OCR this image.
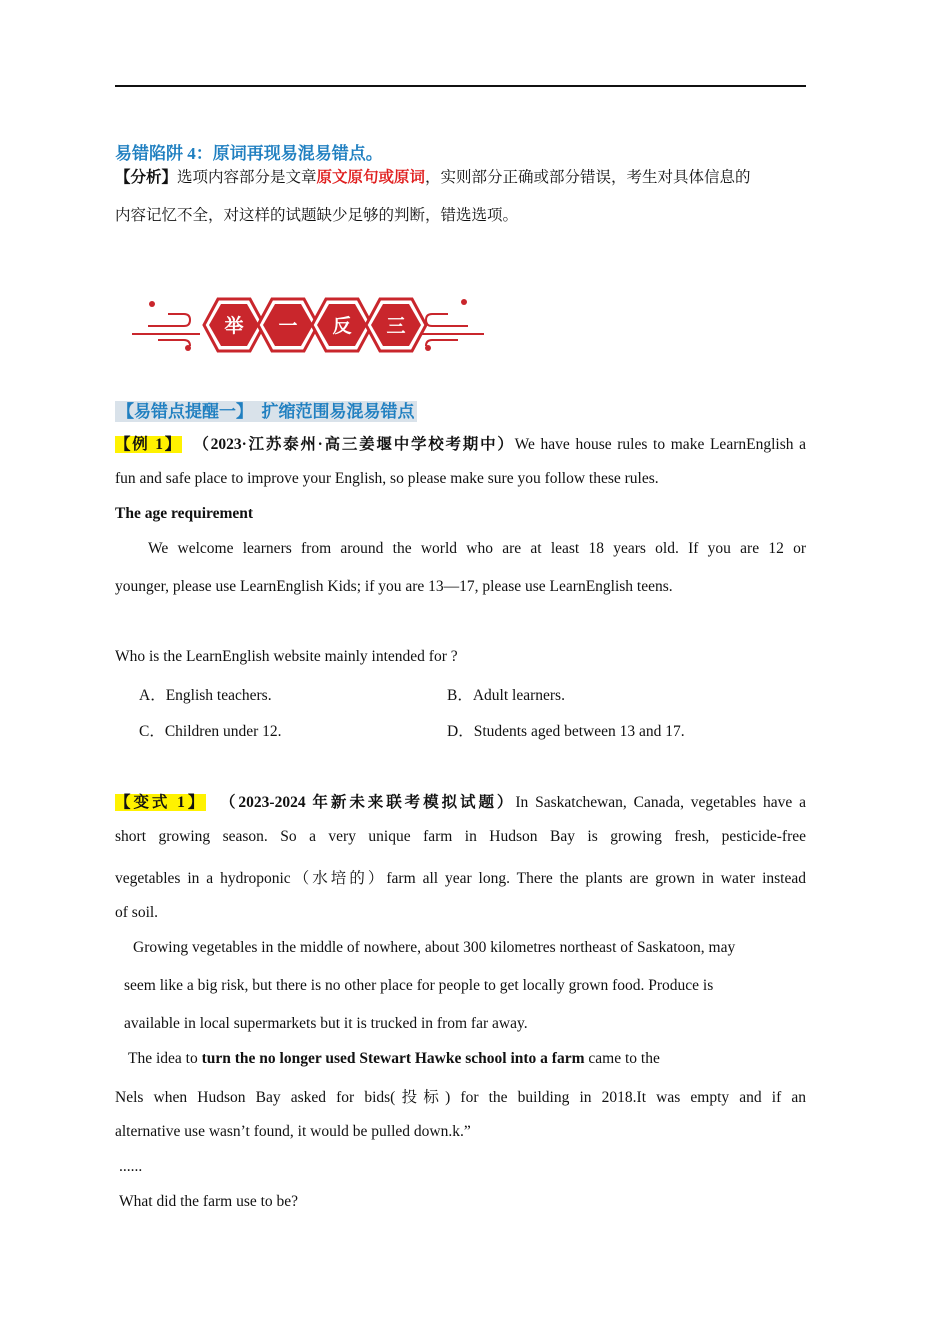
易错陷阱 4：原词再现易混易错点。
【分析】选项内容部分是文章原文原句或原词，实则部分正确或部分错误，考生对具体信息的
内容记忆不全，对这样的试题缺少足够的判断，错选选项。
举 一 反 三
【易错点提醒一】 扩缩范围易混易错点
【例 1】 （2023·江苏泰州·高三姜堰中学校考期中）We have house rules to make LearnEnglish a
fun and safe place to improve your English, so please make sure you follow these rules.
The age requirement
We welcome learners from around the world who are at least 18 years old. If you are 12 or
younger, please use LearnEnglish Kids; if you are 13—17, please use LearnEnglish teens.
Who is the LearnEnglish website mainly intended for ?
A．English teachers.	B．Adult learners.
C．Children under 12.	D．Students aged between 13 and 17.
【变式 1】 （2023-2024 年新未来联考模拟试题）In Saskatchewan, Canada, vegetables have a
short growing season. So a very unique farm in Hudson Bay is growing fresh, pesticide-free
vegetables in a hydroponic（水培的）farm all year long. There the plants are grown in water instead
of soil.
Growing vegetables in the middle of nowhere, about 300 kilometres northeast of Saskatoon, may
seem like a big risk, but there is no other place for people to get locally grown food. Produce is
available in local supermarkets but it is trucked in from far away.
The idea to turn the no longer used Stewart Hawke school into a farm came to the
Nels when Hudson Bay asked for bids(投标) for the building in 2018.It was empty and if an
alternative use wasn’t found, it would be pulled down.k.”
......
What did the farm use to be?
